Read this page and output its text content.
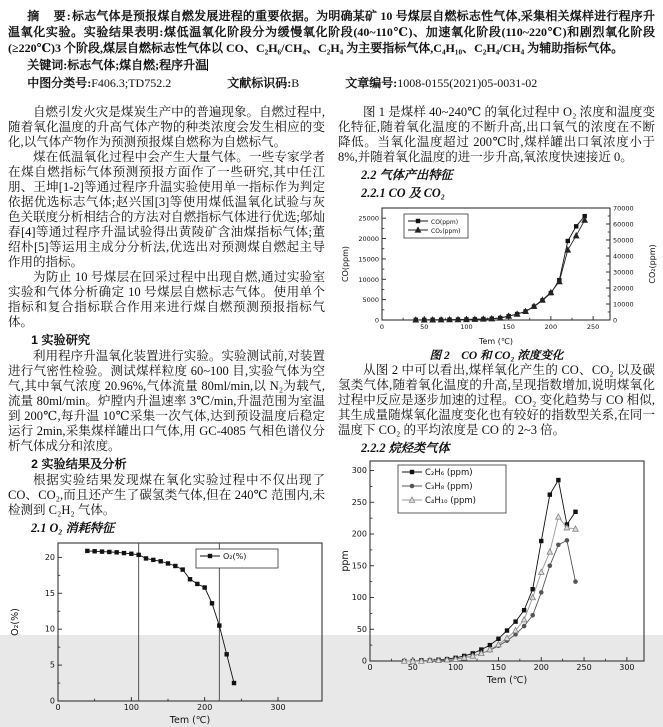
摘　要:标志气体是预报煤自燃发展进程的重要依据。为明确某矿 10 号煤层自燃标志性气体,采集相关煤样进行程序升温氧化实验。实验结果表明:煤低温氧化阶段分为缓慢氧化阶段(40~110℃)、加速氧化阶段(110~220℃)和剧烈氧化阶段(≥220℃)3 个阶段,煤层自燃标志性气体以 CO、C₂H₆/CH₄、C₂H₄ 为主要指标气体,C₄H₁₀、C₂H₄/CH₄ 为辅助指标气体。

关键词:标志气体;煤自燃;程序升温

中图分类号:F406.3;TD752.2	文献标识码:B	文章编号:1008-0155(2021)05-0031-02

自燃引发火灾是煤炭生产中的普遍现象。自燃过程中,随着氧化温度的升高气体产物的种类浓度会发生相应的变化,以气体产物作为预测预报煤自燃称为自燃标气。

煤在低温氧化过程中会产生大量气体。一些专家学者在煤自燃指标气体预测预报方面作了一些研究,其中任江朋、王坤[1-2]等通过程序升温实验使用单一指标作为判定依据优选标志气体;赵兴国[3]等使用煤低温氧化试验与灰色关联度分析相结合的方法对自燃指标气体进行优选;邬灿春[4]等通过程序升温试验得出黄陵矿含油煤指标气体;董绍朴[5]等运用主成分分析法,优选出对预测煤自燃起主导作用的指标。

为防止 10 号煤层在回采过程中出现自燃,通过实验室实验和气体分析确定 10 号煤层自燃标志气体。使用单个指标和复合指标联合作用来进行煤自燃预测预报指标气体。

1 实验研究

利用程序升温氧化装置进行实验。实验测试前,对装置进行气密性检验。测试煤样粒度 60~100 目,实验气体为空气,其中氧气浓度 20.96%,气体流量 80ml/min,以 N₂为载气,流量 80ml/min。炉膛内升温速率 3℃/min,升温范围为室温到 200℃,每升温 10℃采集一次气体,达到预设温度后稳定运行 2min,采集煤样罐出口气体,用 GC-4085 气相色谱仪分析气体成分和浓度。

2 实验结果及分析

根据实验结果发现煤在氧化实验过程中不仅出现了 CO、CO₂,而且还产生了碳氢类气体,但在 240℃ 范围内,未检测到 C₂H₂ 气体。

2.1 O₂ 消耗特征
0	100	200	300
0
5
10
15
20	O₂(%)
Tem (℃)
O₂(%)

图 1 是煤样 40~240℃ 的氧化过程中 O₂ 浓度和温度变化特征,随着氧化温度的不断升高,出口氧气的浓度在不断降低。当氧化温度超过 200℃时,煤样罐出口氧浓度小于 8%,并随着氧化温度的进一步升高,氧浓度快速接近 0。

2.2 气体产出特征
2.2.1 CO 及 CO₂
0	50	100	150	200	250
0
5000
10000
15000
20000
25000
0
10000
20000
30000
40000
50000
60000
70000
CO(ppm)
CO₂(ppm)
Tem (℃)
CO(ppm)	CO₂(ppm)
图 2　CO 和 CO₂ 浓度变化

从图 2 中可以看出,煤样氧化产生的 CO、CO₂ 以及碳氢类气体,随着氧化温度的升高,呈现指数增加,说明煤氧化过程中反应是逐步加速的过程。CO₂ 变化趋势与 CO 相似,其生成量随煤氧化温度变化也有较好的指数型关系,在同一温度下 CO₂ 的平均浓度是 CO 的 2~3 倍。

2.2.2 烷烃类气体
0	50	100	150	200	250	300
0
50
100
150
200
250
300	C₂H₆ (ppm)
C₃H₈ (ppm)
C₄H₁₀ (ppm)
Tem (℃)
ppm
